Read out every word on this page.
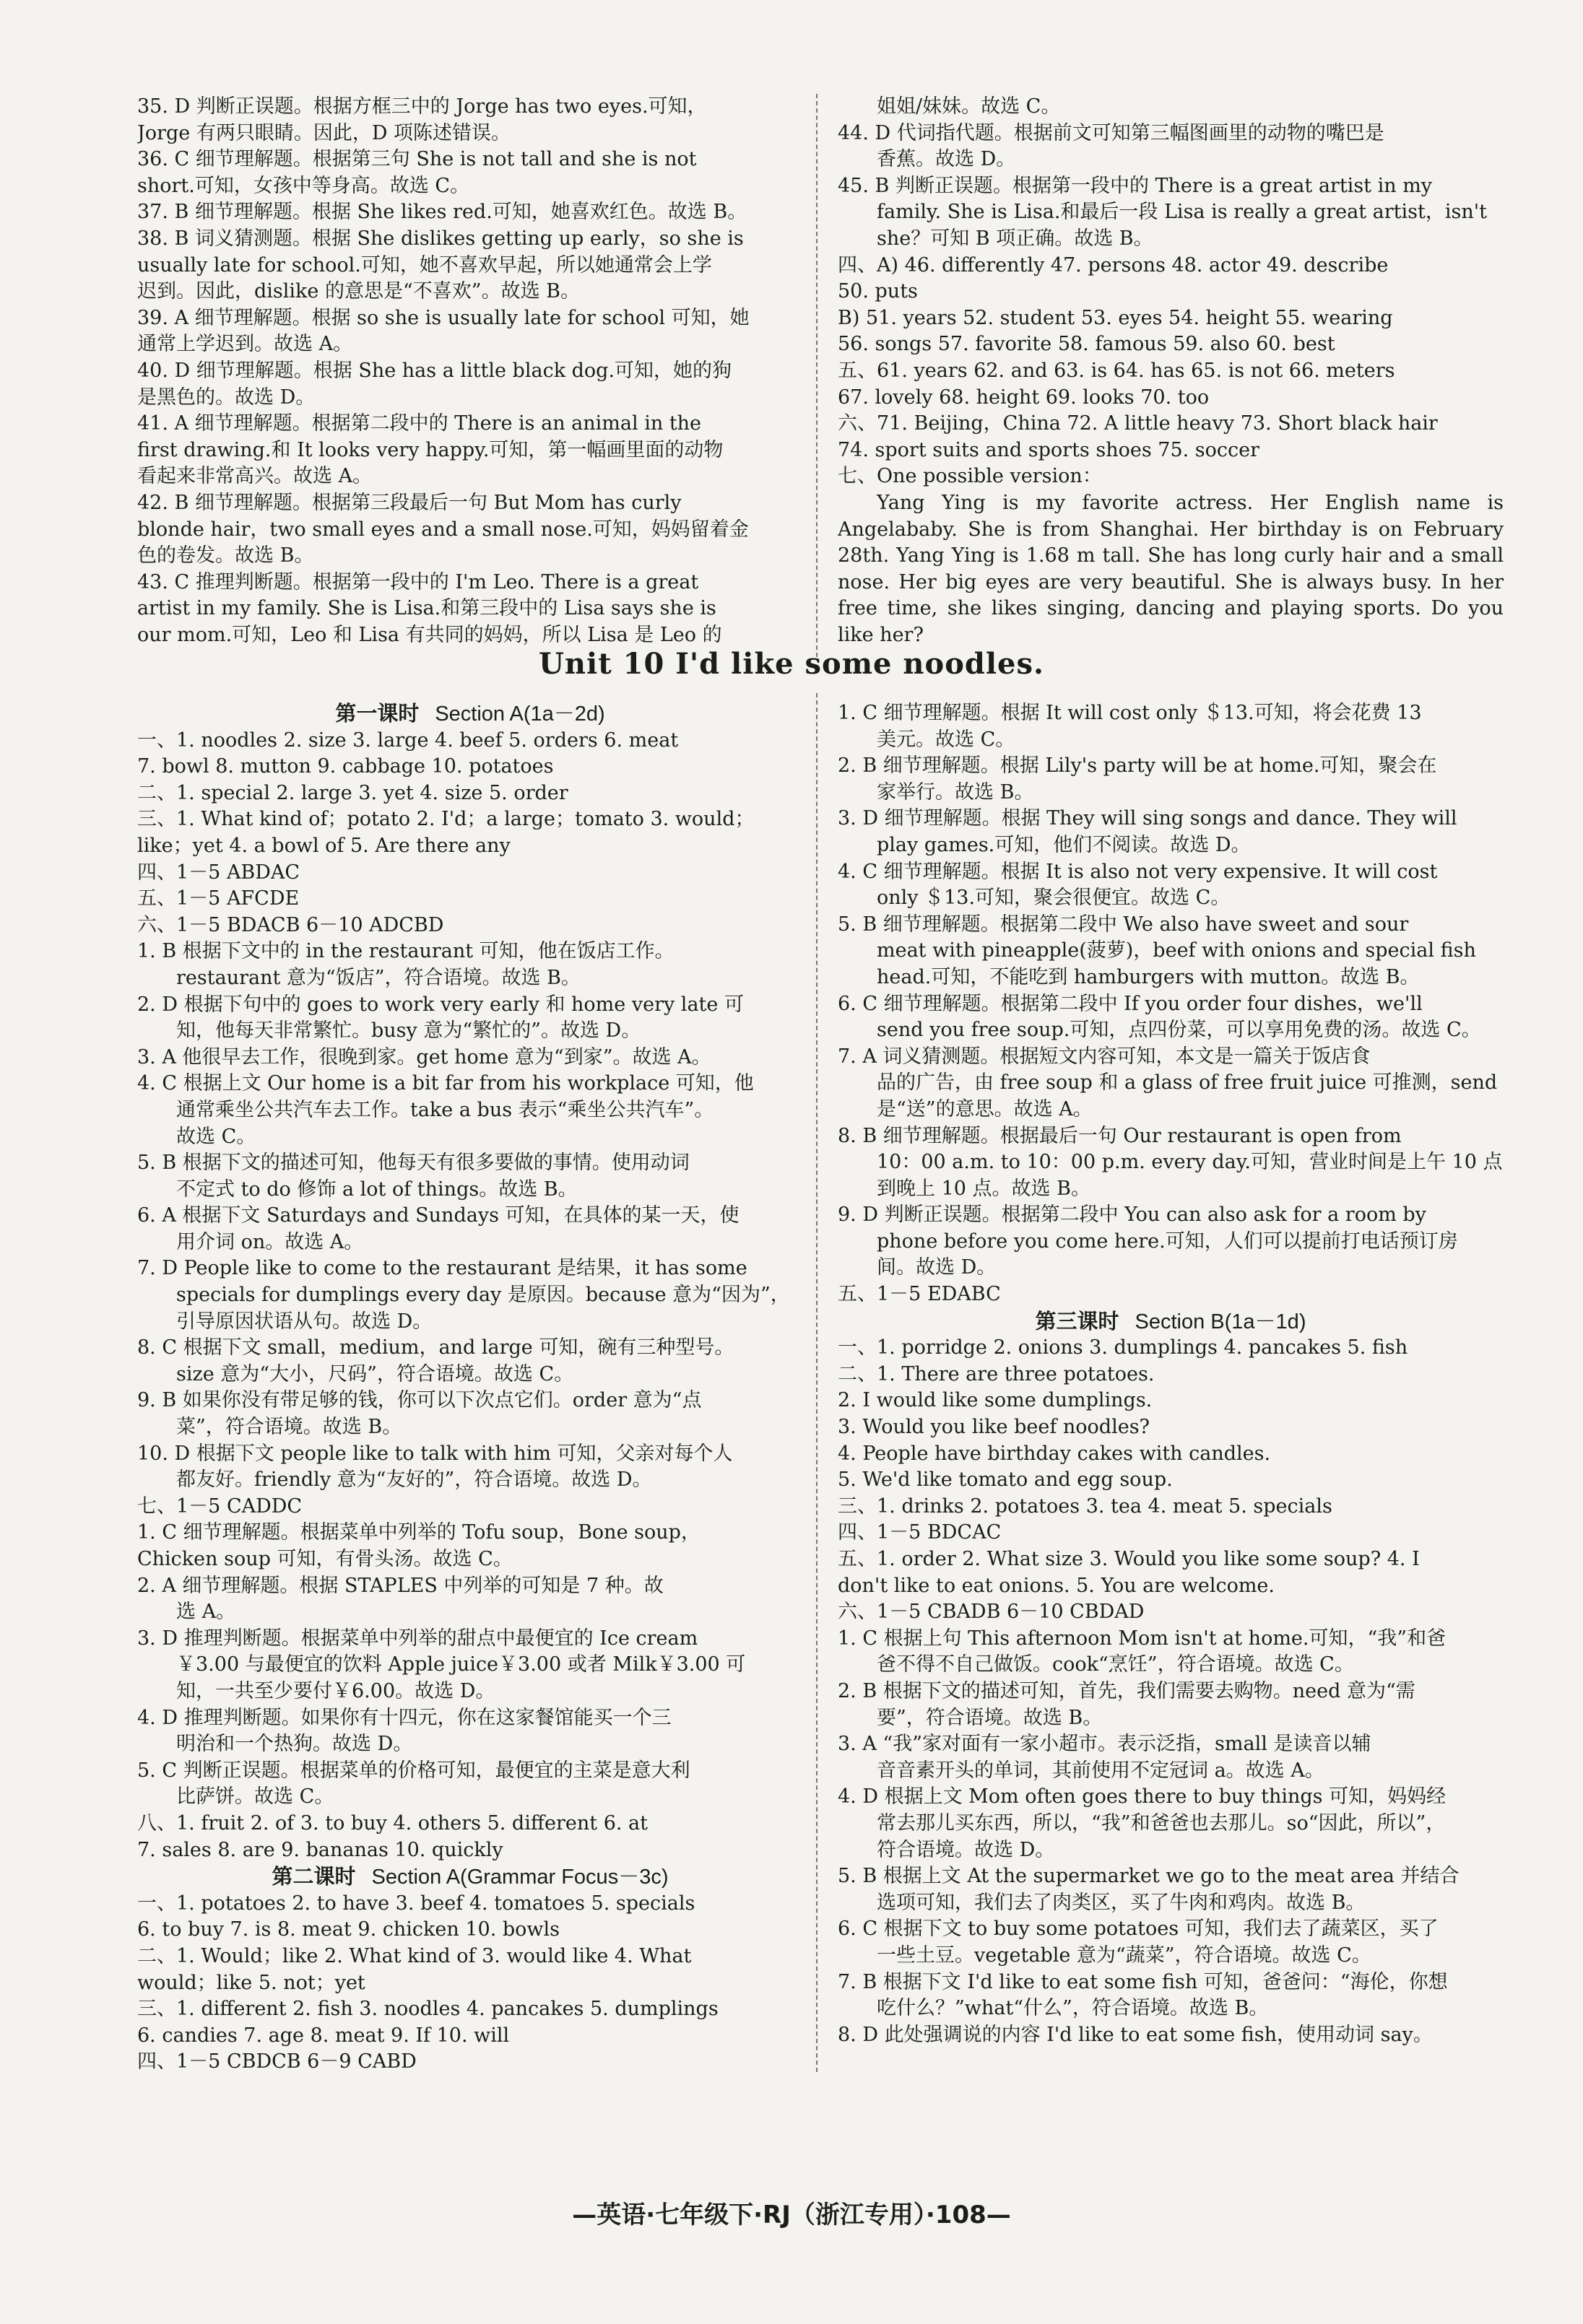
35. D 判断正误题。根据方框三中的 Jorge has two eyes.可知，
Jorge 有两只眼睛。因此，D 项陈述错误。
36. C 细节理解题。根据第三句 She is not tall and she is not
short.可知，女孩中等身高。故选 C。
37. B 细节理解题。根据 She likes red.可知，她喜欢红色。故选 B。
38. B 词义猜测题。根据 She dislikes getting up early，so she is
usually late for school.可知，她不喜欢早起，所以她通常会上学
迟到。因此，dislike 的意思是“不喜欢”。故选 B。
39. A 细节理解题。根据 so she is usually late for school 可知，她
通常上学迟到。故选 A。
40. D 细节理解题。根据 She has a little black dog.可知，她的狗
是黑色的。故选 D。
41. A 细节理解题。根据第二段中的 There is an animal in the
first drawing.和 It looks very happy.可知，第一幅画里面的动物
看起来非常高兴。故选 A。
42. B 细节理解题。根据第三段最后一句 But Mom has curly
blonde hair，two small eyes and a small nose.可知，妈妈留着金
色的卷发。故选 B。
43. C 推理判断题。根据第一段中的 I'm Leo. There is a great
artist in my family. She is Lisa.和第三段中的 Lisa says she is
our mom.可知，Leo 和 Lisa 有共同的妈妈，所以 Lisa 是 Leo 的
姐姐/妹妹。故选 C。
44. D 代词指代题。根据前文可知第三幅图画里的动物的嘴巴是
香蕉。故选 D。
45. B 判断正误题。根据第一段中的 There is a great artist in my
family. She is Lisa.和最后一段 Lisa is really a great artist，isn't
she？可知 B 项正确。故选 B。
四、A) 46. differently 47. persons 48. actor 49. describe
50. puts
B) 51. years 52. student 53. eyes 54. height 55. wearing
56. songs 57. favorite 58. famous 59. also 60. best
五、61. years 62. and 63. is 64. has 65. is not 66. meters
67. lovely 68. height 69. looks 70. too
六、71. Beijing，China 72. A little heavy 73. Short black hair
74. sport suits and sports shoes 75. soccer
七、One possible version：
Yang Ying is my favorite actress. Her English name is Angelababy. She is from Shanghai. Her birthday is on February 28th. Yang Ying is 1.68 m tall. She has long curly hair and a small nose. Her big eyes are very beautiful. She is always busy. In her free time, she likes singing, dancing and playing sports. Do you like her?
Unit 10 I'd like some noodles.
第一课时 Section A(1a－2d)
一、1. noodles 2. size 3. large 4. beef 5. orders 6. meat
7. bowl 8. mutton 9. cabbage 10. potatoes
二、1. special 2. large 3. yet 4. size 5. order
三、1. What kind of；potato 2. I'd；a large；tomato 3. would；
like；yet 4. a bowl of 5. Are there any
四、1－5 ABDAC
五、1－5 AFCDE
六、1－5 BDACB 6－10 ADCBD
1. B 根据下文中的 in the restaurant 可知，他在饭店工作。
restaurant 意为“饭店”，符合语境。故选 B。
2. D 根据下句中的 goes to work very early 和 home very late 可
知，他每天非常繁忙。busy 意为“繁忙的”。故选 D。
3. A 他很早去工作，很晚到家。get home 意为“到家”。故选 A。
4. C 根据上文 Our home is a bit far from his workplace 可知，他
通常乘坐公共汽车去工作。take a bus 表示“乘坐公共汽车”。
故选 C。
5. B 根据下文的描述可知，他每天有很多要做的事情。使用动词
不定式 to do 修饰 a lot of things。故选 B。
6. A 根据下文 Saturdays and Sundays 可知，在具体的某一天，使
用介词 on。故选 A。
7. D People like to come to the restaurant 是结果，it has some
specials for dumplings every day 是原因。because 意为“因为”，
引导原因状语从句。故选 D。
8. C 根据下文 small，medium，and large 可知，碗有三种型号。
size 意为“大小，尺码”，符合语境。故选 C。
9. B 如果你没有带足够的钱，你可以下次点它们。order 意为“点
菜”，符合语境。故选 B。
10. D 根据下文 people like to talk with him 可知，父亲对每个人
都友好。friendly 意为“友好的”，符合语境。故选 D。
七、1－5 CADDC
1. C 细节理解题。根据菜单中列举的 Tofu soup，Bone soup，
Chicken soup 可知，有骨头汤。故选 C。
2. A 细节理解题。根据 STAPLES 中列举的可知是 7 种。故
选 A。
3. D 推理判断题。根据菜单中列举的甜点中最便宜的 Ice cream
￥3.00 与最便宜的饮料 Apple juice￥3.00 或者 Milk￥3.00 可
知，一共至少要付￥6.00。故选 D。
4. D 推理判断题。如果你有十四元，你在这家餐馆能买一个三
明治和一个热狗。故选 D。
5. C 判断正误题。根据菜单的价格可知，最便宜的主菜是意大利
比萨饼。故选 C。
八、1. fruit 2. of 3. to buy 4. others 5. different 6. at
7. sales 8. are 9. bananas 10. quickly
第二课时 Section A(Grammar Focus－3c)
一、1. potatoes 2. to have 3. beef 4. tomatoes 5. specials
6. to buy 7. is 8. meat 9. chicken 10. bowls
二、1. Would；like 2. What kind of 3. would like 4. What
would；like 5. not；yet
三、1. different 2. fish 3. noodles 4. pancakes 5. dumplings
6. candies 7. age 8. meat 9. If 10. will
四、1－5 CBDCB 6－9 CABD
1. C 细节理解题。根据 It will cost only ＄13.可知，将会花费 13
美元。故选 C。
2. B 细节理解题。根据 Lily's party will be at home.可知，聚会在
家举行。故选 B。
3. D 细节理解题。根据 They will sing songs and dance. They will
play games.可知，他们不阅读。故选 D。
4. C 细节理解题。根据 It is also not very expensive. It will cost
only ＄13.可知，聚会很便宜。故选 C。
5. B 细节理解题。根据第二段中 We also have sweet and sour
meat with pineapple(菠萝)，beef with onions and special fish
head.可知，不能吃到 hamburgers with mutton。故选 B。
6. C 细节理解题。根据第二段中 If you order four dishes，we'll
send you free soup.可知，点四份菜，可以享用免费的汤。故选 C。
7. A 词义猜测题。根据短文内容可知，本文是一篇关于饭店食
品的广告，由 free soup 和 a glass of free fruit juice 可推测，send
是“送”的意思。故选 A。
8. B 细节理解题。根据最后一句 Our restaurant is open from
10：00 a.m. to 10：00 p.m. every day.可知，营业时间是上午 10 点
到晚上 10 点。故选 B。
9. D 判断正误题。根据第二段中 You can also ask for a room by
phone before you come here.可知，人们可以提前打电话预订房
间。故选 D。
五、1－5 EDABC
第三课时 Section B(1a－1d)
一、1. porridge 2. onions 3. dumplings 4. pancakes 5. fish
二、1. There are three potatoes.
2. I would like some dumplings.
3. Would you like beef noodles?
4. People have birthday cakes with candles.
5. We'd like tomato and egg soup.
三、1. drinks 2. potatoes 3. tea 4. meat 5. specials
四、1－5 BDCAC
五、1. order 2. What size 3. Would you like some soup? 4. I
don't like to eat onions. 5. You are welcome.
六、1－5 CBADB 6－10 CBDAD
1. C 根据上句 This afternoon Mom isn't at home.可知，“我”和爸
爸不得不自己做饭。cook“烹饪”，符合语境。故选 C。
2. B 根据下文的描述可知，首先，我们需要去购物。need 意为“需
要”，符合语境。故选 B。
3. A “我”家对面有一家小超市。表示泛指，small 是读音以辅
音音素开头的单词，其前使用不定冠词 a。故选 A。
4. D 根据上文 Mom often goes there to buy things 可知，妈妈经
常去那儿买东西，所以，“我”和爸爸也去那儿。so“因此，所以”，
符合语境。故选 D。
5. B 根据上文 At the supermarket we go to the meat area 并结合
选项可知，我们去了肉类区，买了牛肉和鸡肉。故选 B。
6. C 根据下文 to buy some potatoes 可知，我们去了蔬菜区，买了
一些土豆。vegetable 意为“蔬菜”，符合语境。故选 C。
7. B 根据下文 I'd like to eat some fish 可知，爸爸问：“海伦，你想
吃什么？”what“什么”，符合语境。故选 B。
8. D 此处强调说的内容 I'd like to eat some fish，使用动词 say。
—英语·七年级下·RJ（浙江专用）·108—
